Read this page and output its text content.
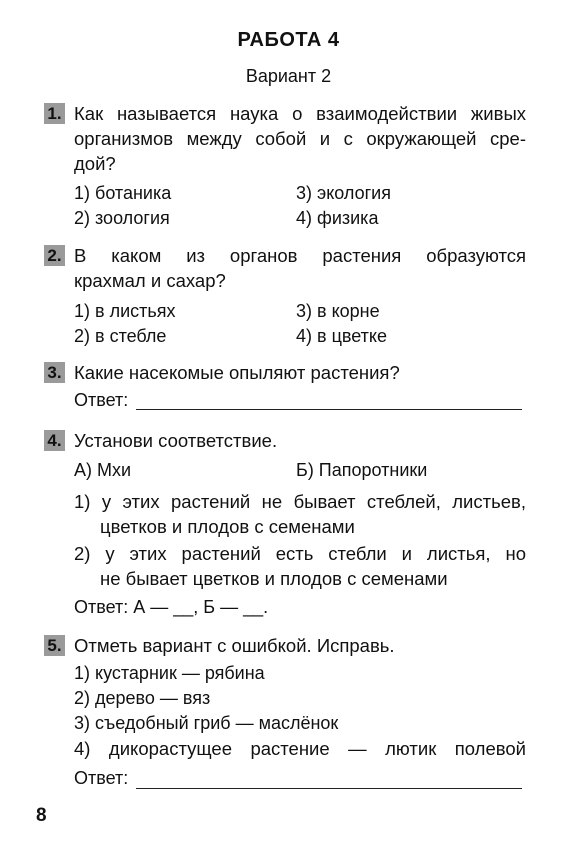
РАБОТА 4
Вариант 2
1. Как называется наука о взаимодействии живых
организмов между собой и с окружающей сре-
дой?
1) ботаника
2) зоология
3) экология
4) физика
2. В каком из органов растения образуются
крахмал и сахар?
1) в листьях
2) в стебле
3) в корне
4) в цветке
3. Какие насекомые опыляют растения?
Ответ:
4. Установи соответствие.
А) Мхи	Б) Папоротники
1) у этих растений не бывает стеблей, листьев,
цветков и плодов с семенами
2) у этих растений есть стебли и листья, но
не бывает цветков и плодов с семенами
Ответ: А — __, Б — __.
5. Отметь вариант с ошибкой. Исправь.
1) кустарник — рябина
2) дерево — вяз
3) съедобный гриб — маслёнок
4) дикорастущее растение — лютик полевой
Ответ:
8
